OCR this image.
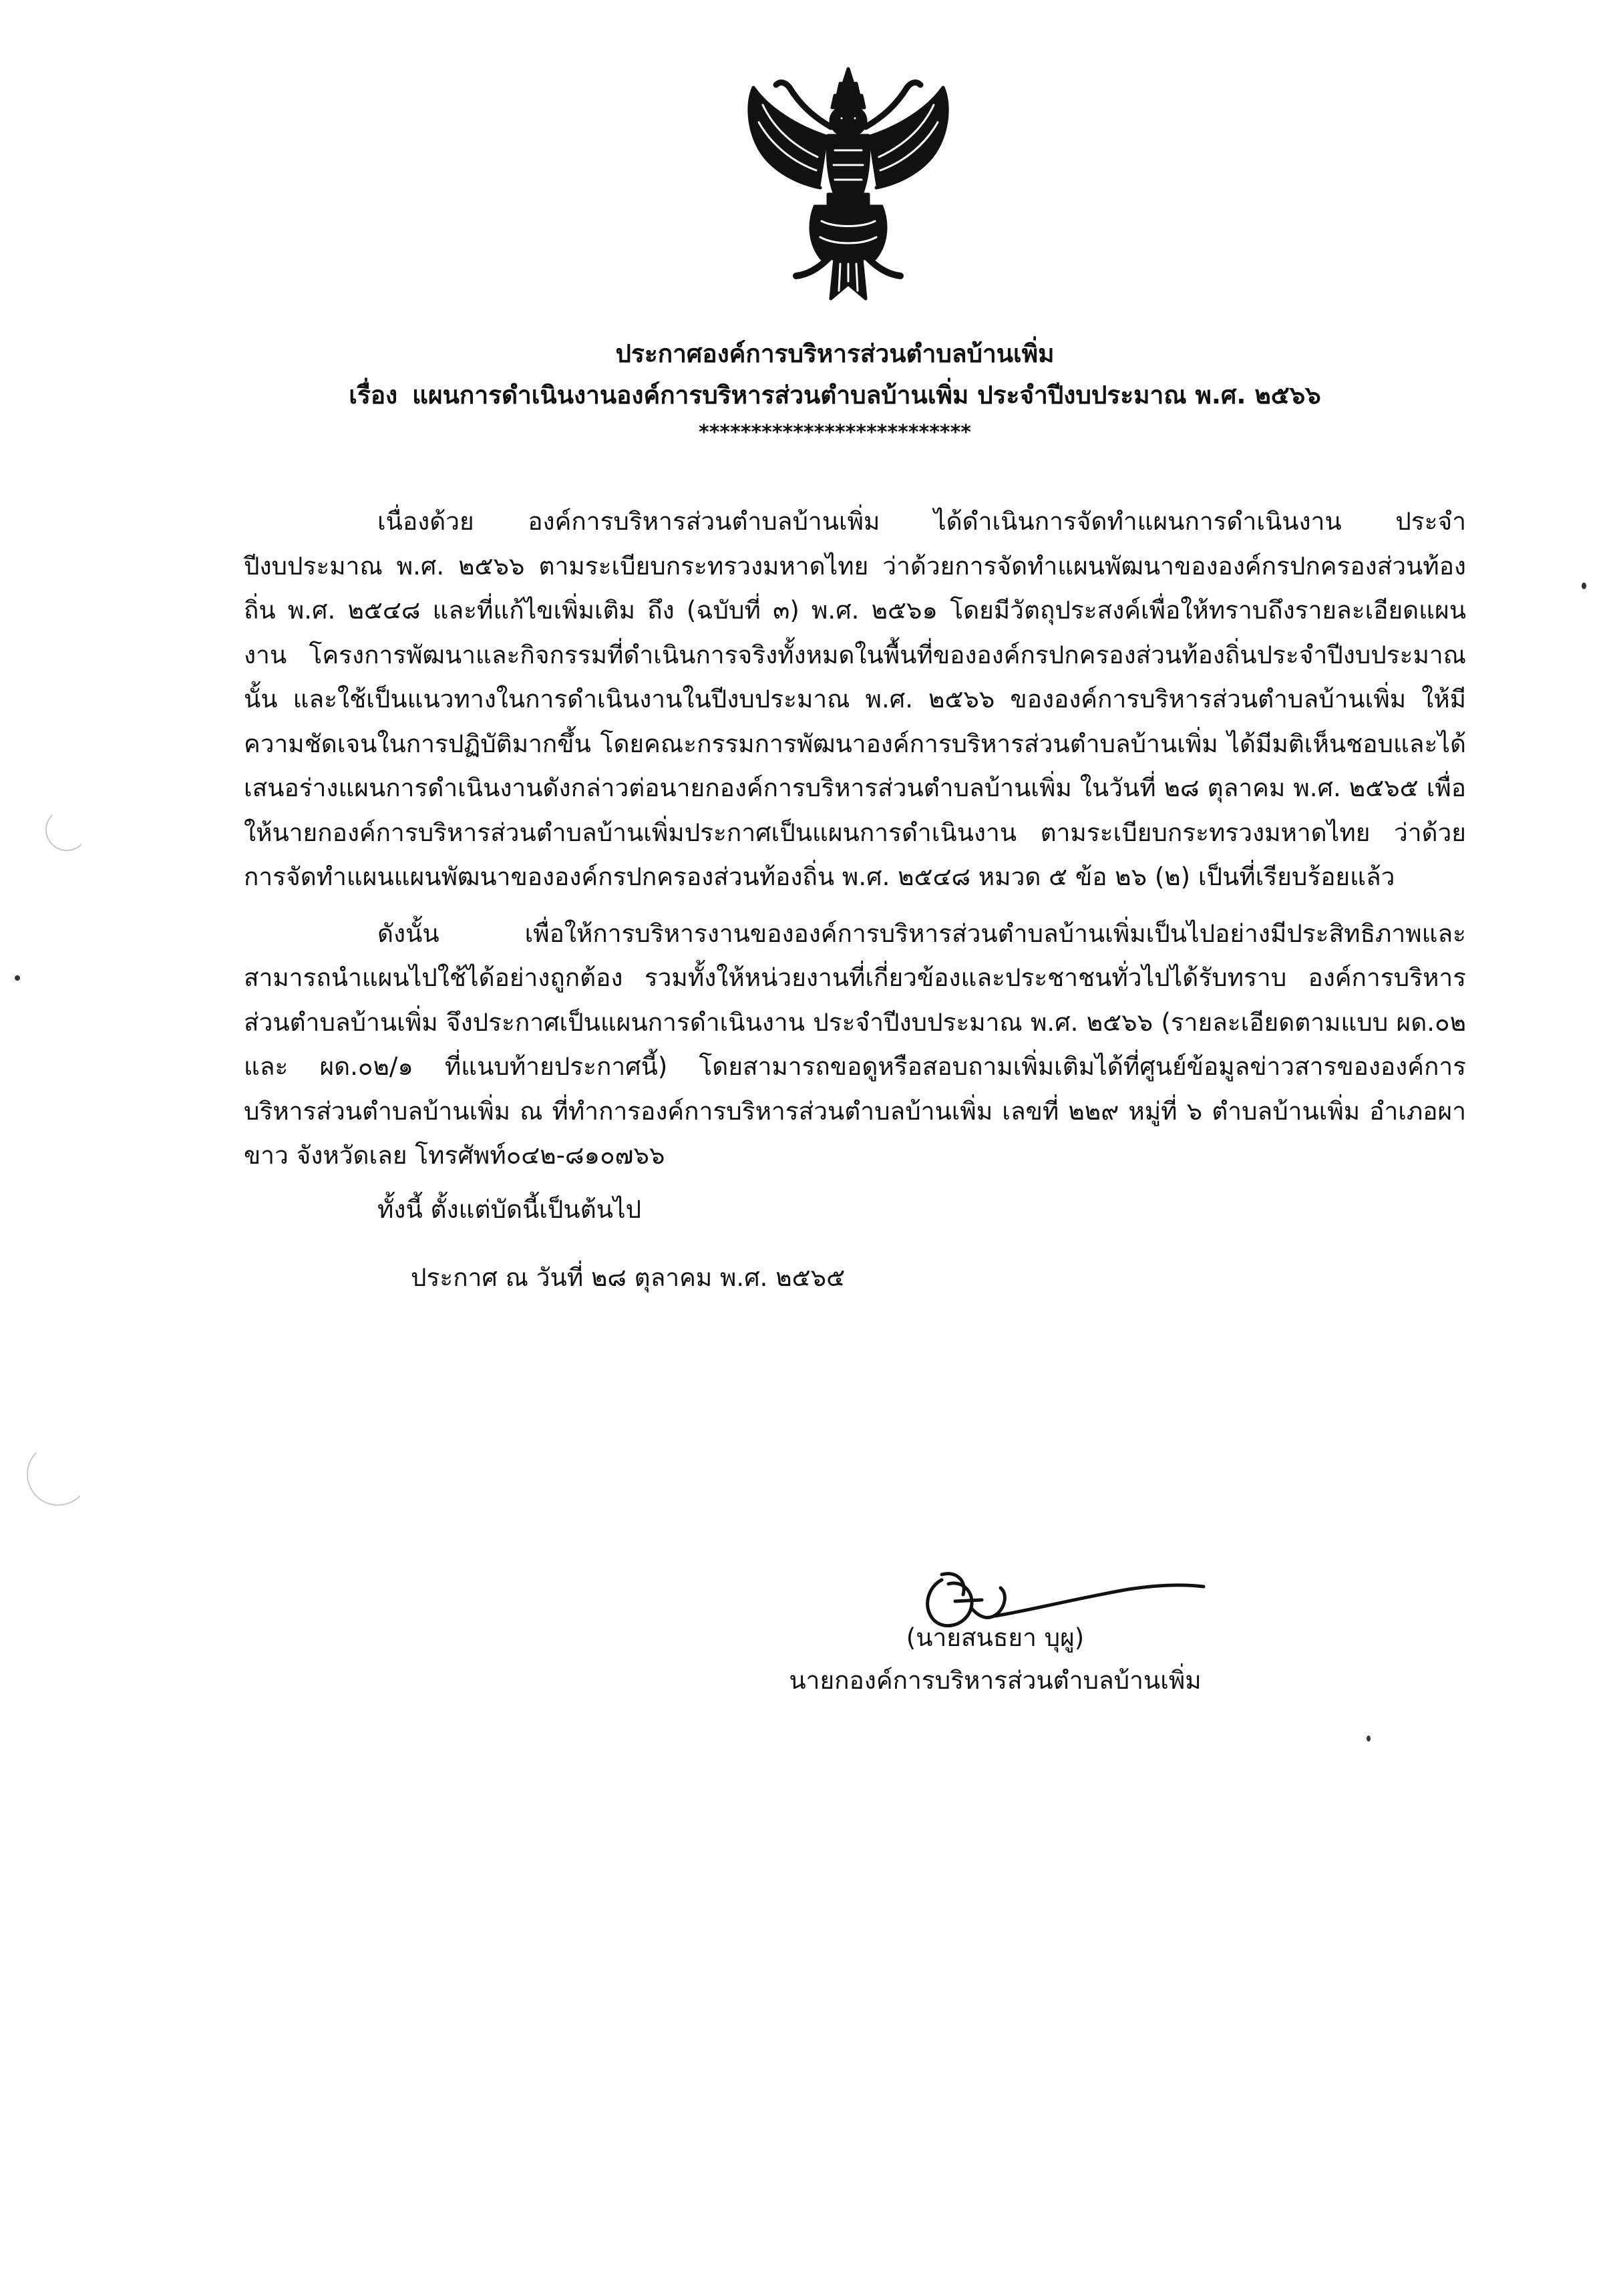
ประกาศองค์การบริหารส่วนตำบลบ้านเพิ่ม

เรื่อง แผนการดำเนินงานองค์การบริหารส่วนตำบลบ้านเพิ่ม ประจำปีงบประมาณ พ.ศ. ๒๕๖๖

**************************

เนื่องด้วย องค์การบริหารส่วนตำบลบ้านเพิ่ม ได้ดำเนินการจัดทำแผนการดำเนินงาน ประจำปีงบประมาณ พ.ศ. ๒๕๖๖ ตามระเบียบกระทรวงมหาดไทย ว่าด้วยการจัดทำแผนพัฒนาขององค์กรปกครองส่วนท้องถิ่น พ.ศ. ๒๕๔๘ และที่แก้ไขเพิ่มเติม ถึง (ฉบับที่ ๓) พ.ศ. ๒๕๖๑ โดยมีวัตถุประสงค์เพื่อให้ทราบถึงรายละเอียดแผนงาน โครงการพัฒนาและกิจกรรมที่ดำเนินการจริงทั้งหมดในพื้นที่ขององค์กรปกครองส่วนท้องถิ่นประจำปีงบประมาณนั้น และใช้เป็นแนวทางในการดำเนินงานในปีงบประมาณ พ.ศ. ๒๕๖๖ ขององค์การบริหารส่วนตำบลบ้านเพิ่ม ให้มีความชัดเจนในการปฏิบัติมากขึ้น โดยคณะกรรมการพัฒนาองค์การบริหารส่วนตำบลบ้านเพิ่ม ได้มีมติเห็นชอบและได้เสนอร่างแผนการดำเนินงานดังกล่าวต่อนายกองค์การบริหารส่วนตำบลบ้านเพิ่ม ในวันที่ ๒๘ ตุลาคม พ.ศ. ๒๕๖๕ เพื่อให้นายกองค์การบริหารส่วนตำบลบ้านเพิ่มประกาศเป็นแผนการดำเนินงาน ตามระเบียบกระทรวงมหาดไทย ว่าด้วยการจัดทำแผนแผนพัฒนาขององค์กรปกครองส่วนท้องถิ่น พ.ศ. ๒๕๔๘ หมวด ๕ ข้อ ๒๖ (๒) เป็นที่เรียบร้อยแล้ว

ดังนั้น เพื่อให้การบริหารงานขององค์การบริหารส่วนตำบลบ้านเพิ่มเป็นไปอย่างมีประสิทธิภาพและสามารถนำแผนไปใช้ได้อย่างถูกต้อง รวมทั้งให้หน่วยงานที่เกี่ยวข้องและประชาชนทั่วไปได้รับทราบ องค์การบริหารส่วนตำบลบ้านเพิ่ม จึงประกาศเป็นแผนการดำเนินงาน ประจำปีงบประมาณ พ.ศ. ๒๕๖๖ (รายละเอียดตามแบบ ผด.๐๒ และ ผด.๐๒/๑ ที่แนบท้ายประกาศนี้) โดยสามารถขอดูหรือสอบถามเพิ่มเติมได้ที่ศูนย์ข้อมูลข่าวสารขององค์การบริหารส่วนตำบลบ้านเพิ่ม ณ ที่ทำการองค์การบริหารส่วนตำบลบ้านเพิ่ม เลขที่ ๒๒๙ หมู่ที่ ๖ ตำบลบ้านเพิ่ม อำเภอผาขาว จังหวัดเลย โทรศัพท์๐๔๒-๘๑๐๗๖๖

ทั้งนี้ ตั้งแต่บัดนี้เป็นต้นไป

ประกาศ ณ วันที่ ๒๘ ตุลาคม พ.ศ. ๒๕๖๕

(นายสนธยา บุผู)

นายกองค์การบริหารส่วนตำบลบ้านเพิ่ม
